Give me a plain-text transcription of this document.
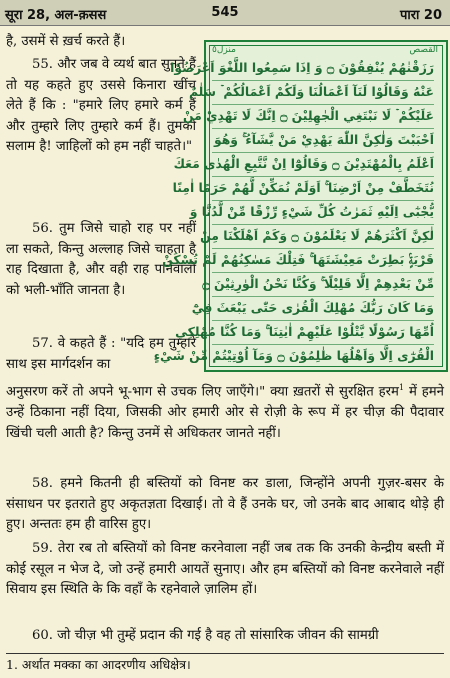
सूरा 28, अल-क़सस	545	पारा 20

है, उसमें से ख़र्च करते हैं।

55. और जब वे व्यर्थ बात सुनते हैं तो यह कहते हुए उससे किनारा खींच लेते हैं कि : "हमारे लिए हमारे कर्म हैं और तुम्हारे लिए तुम्हारे कर्म हैं। तुमको सलाम है! जाहिलों को हम नहीं चाहते।"

56. तुम जिसे चाहो राह पर नहीं ला सकते, किन्तु अल्लाह जिसे चाहता है राह दिखाता है, और वही राह पानेवालों को भली-भाँति जानता है।

57. वे कहते हैं : "यदि हम तुम्हारे साथ इस मार्गदर्शन का

منزل٥	القصص
رَزَقْنٰهُمْ يُنْفِقُوْنَ ۝ وَ اِذَا سَمِعُوا اللَّغْوَ اَعْرَضُوْا
عَنْهُ وَقَالُوْا لَنَآ اَعْمَالُنَا وَلَكُمْ اَعْمَالُكُمْ ۡ سَلٰمٌ
عَلَيْكُمْ ۡ لَا نَبْتَغِي الْجٰهِلِيْنَ ۝ اِنَّكَ لَا تَهْدِيْ مَنْ
اَحْبَبْتَ وَلٰكِنَّ اللّٰهَ يَهْدِيْ مَنْ يَّشَآءُ ۚ وَهُوَ
اَعْلَمُ بِالْمُهْتَدِيْنَ ۝ وَقَالُوْٓا اِنْ نَّتَّبِعِ الْهُدٰى مَعَكَ
نُتَخَطَّفْ مِنْ اَرْضِنَا ۚ اَوَلَمْ نُمَكِّنْ لَّهُمْ حَرَمًا اٰمِنًا
يُّجْبٰٓى اِلَيْهِ ثَمَرٰتُ كُلِّ شَيْءٍ رِّزْقًا مِّنْ لَّدُنَّا وَ
لٰكِنَّ اَكْثَرَهُمْ لَا يَعْلَمُوْنَ ۝ وَكَمْ اَهْلَكْنَا مِنْ
قَرْيَةٍۢ بَطِرَتْ مَعِيْشَتَهَا ۚ فَتِلْكَ مَسٰكِنُهُمْ لَمْ تُسْكَنْ
مِّنْ بَعْدِهِمْ اِلَّا قَلِيْلًا ۚ وَكُنَّا نَحْنُ الْوٰرِثِيْنَ ۝
وَمَا كَانَ رَبُّكَ مُهْلِكَ الْقُرٰى حَتّٰى يَبْعَثَ فِيْٓ
اُمِّهَا رَسُوْلًا يَّتْلُوْا عَلَيْهِمْ اٰيٰتِنَا ۚ وَمَا كُنَّا مُهْلِكِي
الْقُرٰٓى اِلَّا وَاَهْلُهَا ظٰلِمُوْنَ ۝ وَمَآ اُوْتِيْتُمْ مِّنْ شَيْءٍ

अनुसरण करें तो अपने भू-भाग से उचक लिए जाएँगे।" क्या ख़तरों से सुरक्षित हरम$^1$ में हमने उन्हें ठिकाना नहीं दिया, जिसकी ओर हमारी ओर से रोज़ी के रूप में हर चीज़ की पैदावार खिंची चली आती है? किन्तु उनमें से अधिकतर जानते नहीं।

58. हमने कितनी ही बस्तियों को विनष्ट कर डाला, जिन्होंने अपनी गुज़र-बसर के संसाधन पर इतराते हुए अकृतज्ञता दिखाई। तो वे हैं उनके घर, जो उनके बाद आबाद थोड़े ही हुए। अन्ततः हम ही वारिस हुए।

59. तेरा रब तो बस्तियों को विनष्ट करनेवाला नहीं जब तक कि उनकी केन्द्रीय बस्ती में कोई रसूल न भेज दे, जो उन्हें हमारी आयतें सुनाए। और हम बस्तियों को विनष्ट करनेवाले नहीं सिवाय इस स्थिति के कि वहाँ के रहनेवाले ज़ालिम हों।

60. जो चीज़ भी तुम्हें प्रदान की गई है वह तो सांसारिक जीवन की सामग्री

1. अर्थात मक्का का आदरणीय अधिक्षेत्र।
